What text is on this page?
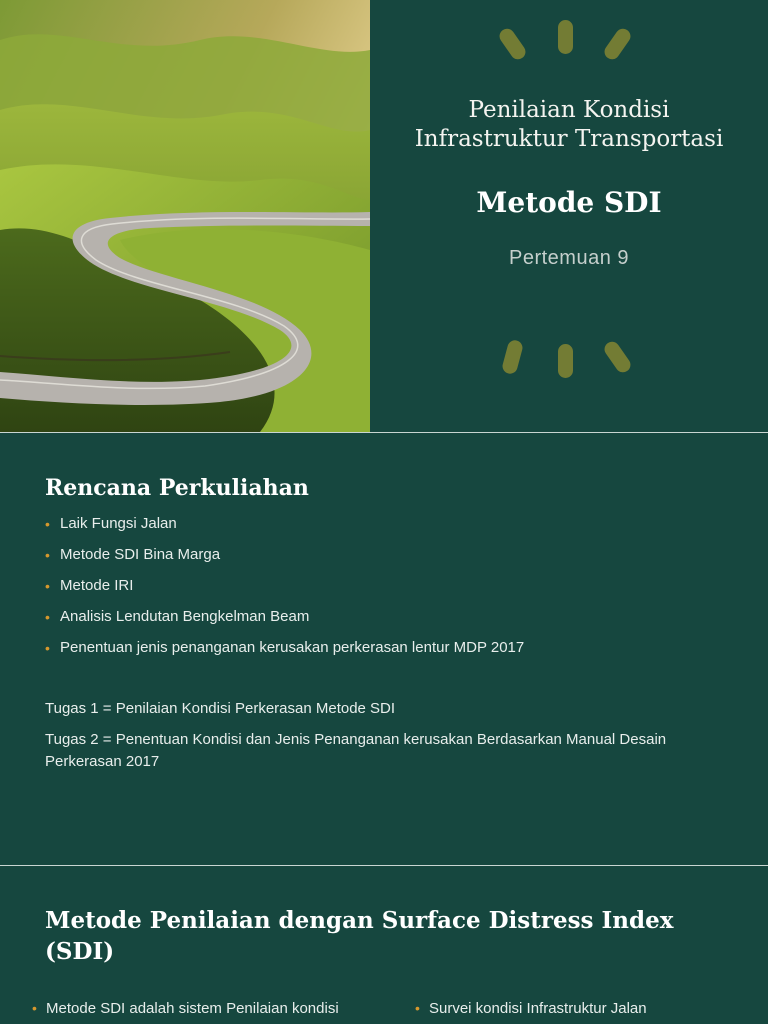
Penilaian Kondisi
Infrastruktur Transportasi
Metode SDI
Pertemuan 9
Rencana Perkuliahan
• Laik Fungsi Jalan
• Metode SDI Bina Marga
• Metode IRI
• Analisis Lendutan Bengkelman Beam
• Penentuan jenis penanganan kerusakan perkerasan lentur MDP 2017
Tugas 1 = Penilaian Kondisi Perkerasan Metode SDI
Tugas 2 = Penentuan Kondisi dan Jenis Penanganan kerusakan Berdasarkan Manual Desain Perkerasan 2017
Metode Penilaian dengan Surface Distress Index (SDI)
• Metode SDI adalah sistem Penilaian kondisi
•	Survei kondisi Infrastruktur Jalan
